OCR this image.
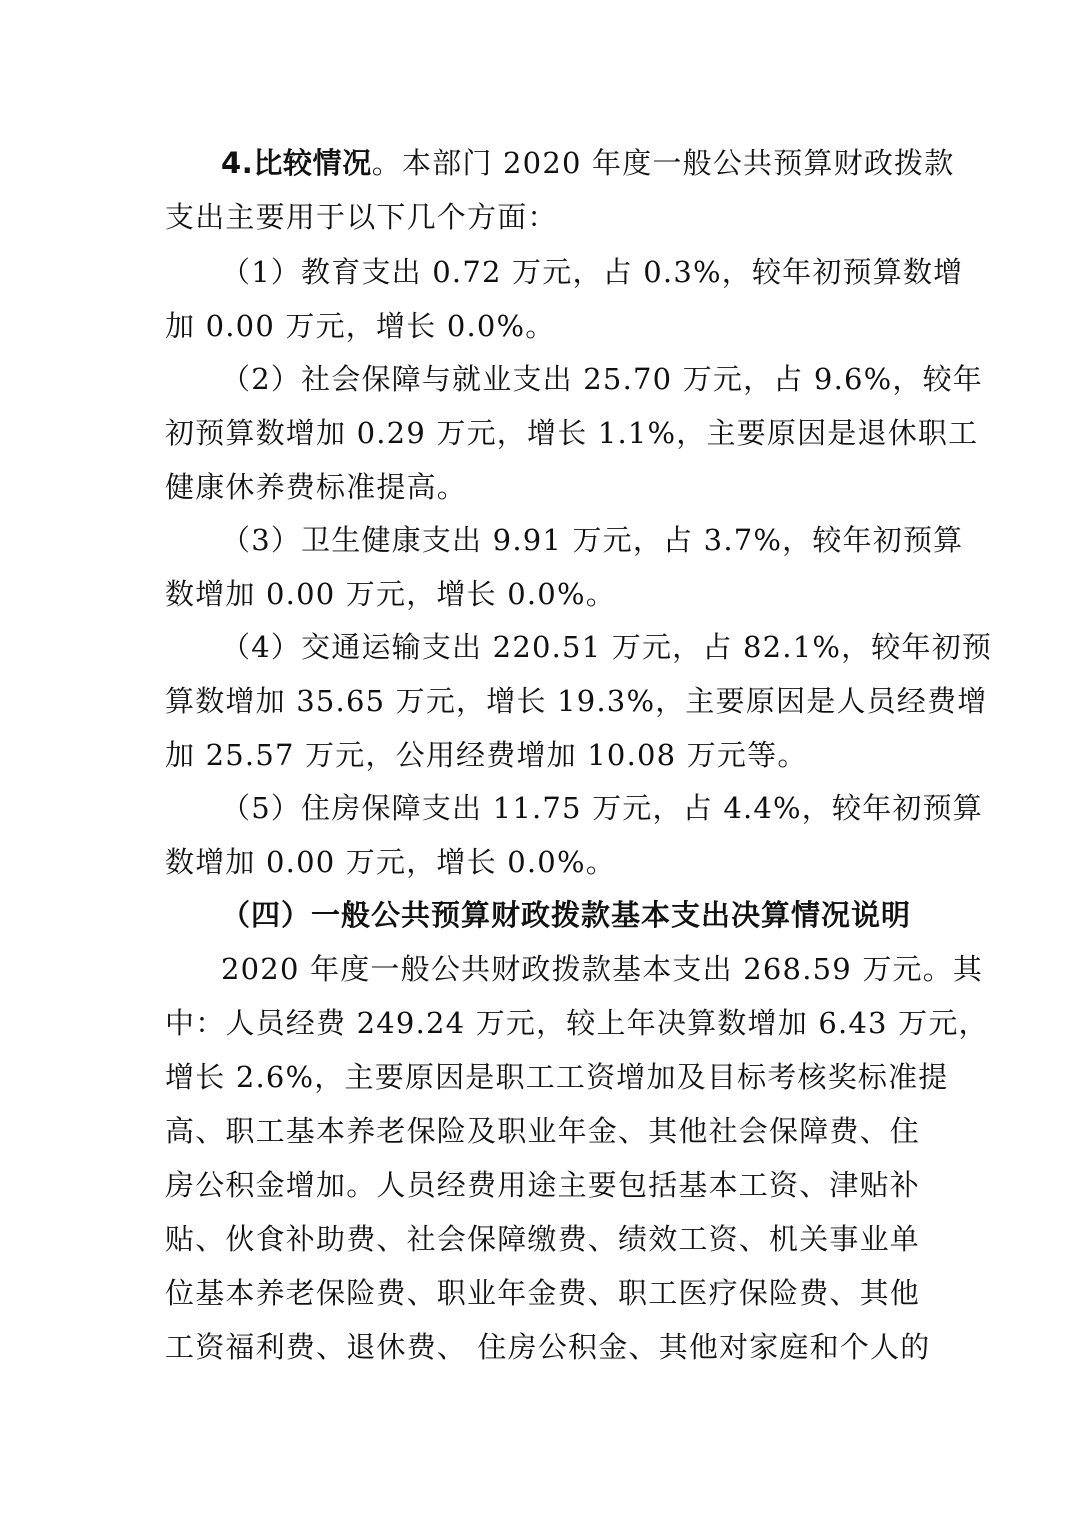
4.比较情况。本部门 2020 年度一般公共预算财政拨款
支出主要用于以下几个方面：
（1）教育支出 0.72 万元，占 0.3%，较年初预算数增
加 0.00 万元，增长 0.0%。
（2）社会保障与就业支出 25.70 万元，占 9.6%，较年
初预算数增加 0.29 万元，增长 1.1%，主要原因是退休职工
健康休养费标准提高。
（3）卫生健康支出 9.91 万元，占 3.7%，较年初预算
数增加 0.00 万元，增长 0.0%。
（4）交通运输支出 220.51 万元，占 82.1%，较年初预
算数增加 35.65 万元，增长 19.3%，主要原因是人员经费增
加 25.57 万元，公用经费增加 10.08 万元等。
（5）住房保障支出 11.75 万元，占 4.4%，较年初预算
数增加 0.00 万元，增长 0.0%。
（四）一般公共预算财政拨款基本支出决算情况说明
2020 年度一般公共财政拨款基本支出 268.59 万元。其
中：人员经费 249.24 万元，较上年决算数增加 6.43 万元，
增长 2.6%，主要原因是职工工资增加及目标考核奖标准提
高、职工基本养老保险及职业年金、其他社会保障费、住
房公积金增加。人员经费用途主要包括基本工资、津贴补
贴、伙食补助费、社会保障缴费、绩效工资、机关事业单
位基本养老保险费、职业年金费、职工医疗保险费、其他
工资福利费、退休费、 住房公积金、其他对家庭和个人的
